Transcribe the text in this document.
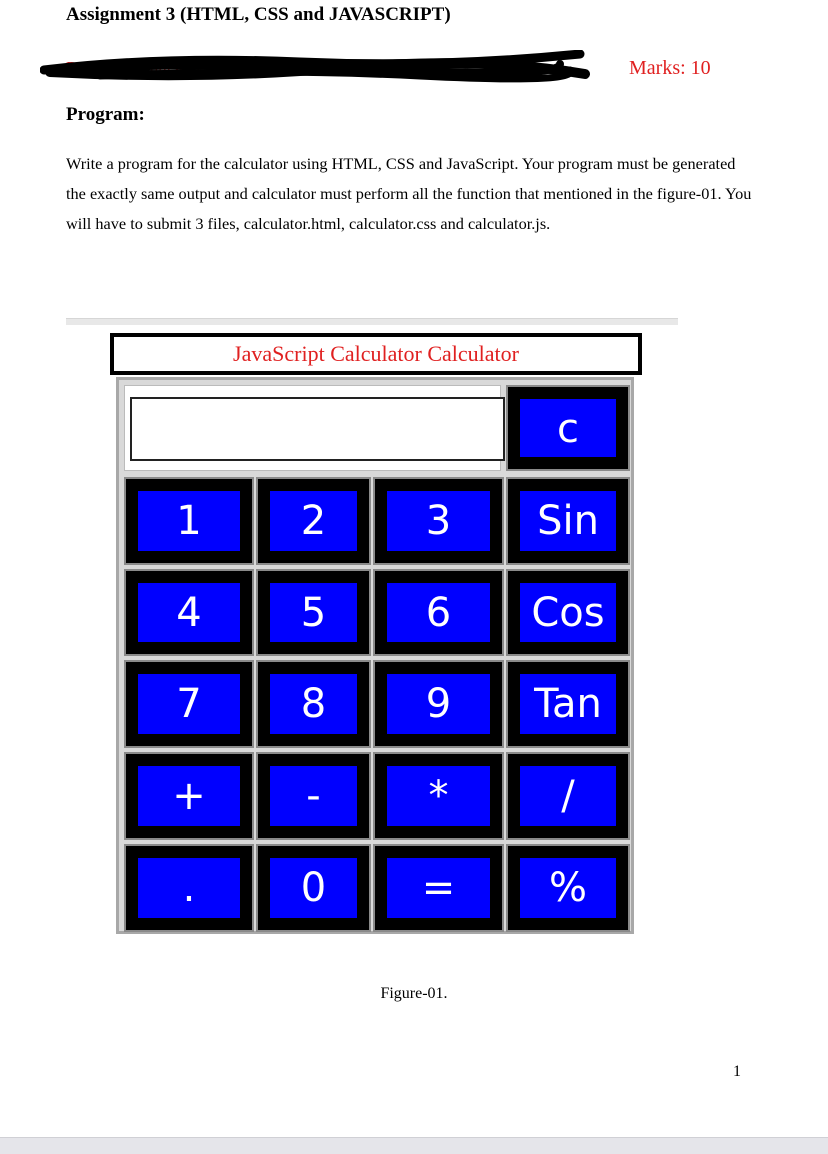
Assignment 3 (HTML, CSS and JAVASCRIPT)
Due Date: Thursday, November 12, 2020 @ 11:59 pm	Marks: 10
Program:
Write a program for the calculator using HTML, CSS and JavaScript. Your program must be generated the exactly same output and calculator must perform all the function that mentioned in the figure-01. You will have to submit 3 files, calculator.html, calculator.css and calculator.js.
JavaScript Calculator Calculator
c
1	2	3	Sin
4	5	6	Cos
7	8	9	Tan
+	-	*	/
.	0	=	%
Figure-01.
1
